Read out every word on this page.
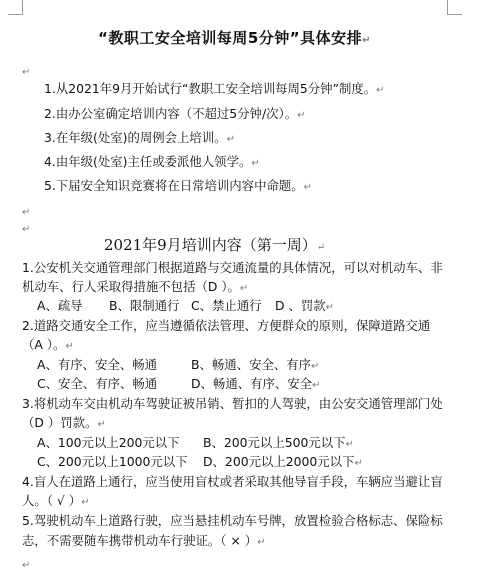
“教职工安全培训每周5分钟”具体安排↵
↵
1.从2021年9月开始试行“教职工安全培训每周5分钟”制度。↵
2.由办公室确定培训内容（不超过5分钟/次）。↵
3.在年级(处室)的周例会上培训。↵
4.由年级(处室)主任或委派他人领学。↵
5.下届安全知识竞赛将在日常培训内容中命题。↵
↵
↵
2021年9月培训内容（第一周）↵
1.公安机关交通管理部门根据道路与交通流量的具体情况，可以对机动车、非
机动车、行人采取得措施不包括（D ）。↵
A、疏导 B、限制通行 C、禁止通行 D 、罚款↵
2.道路交通安全工作，应当遵循依法管理、方便群众的原则，保障道路交通
（A ）。↵
A、有序、安全、畅通	B、畅通、安全、有序↵
C、安全、有序、畅通	D、畅通、有序、安全↵
3.将机动车交由机动车驾驶证被吊销、暂扣的人驾驶，由公安交通管理部门处
（D ）罚款。↵
A、100元以上200元以下 B、200元以上500元以下↵
C、200元以上1000元以下 D、200元以上2000元以下↵
4.盲人在道路上通行，应当使用盲杖或者采取其他导盲手段，车辆应当避让盲
人。（ √ ）↵
5.驾驶机动车上道路行驶，应当悬挂机动车号牌，放置检验合格标志、保险标
志，不需要随车携带机动车行驶证。（ × ）↵
↵
